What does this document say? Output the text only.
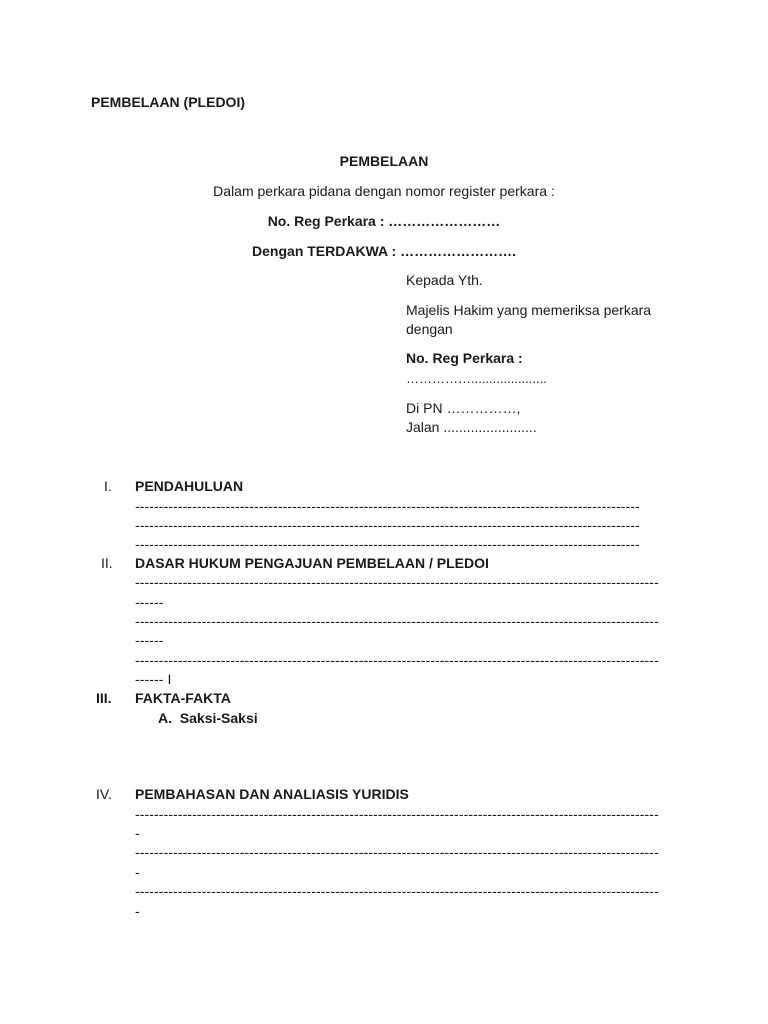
PEMBELAAN (PLEDOI)
PEMBELAAN
Dalam perkara pidana dengan nomor register perkara :
No. Reg Perkara : ……………………
Dengan TERDAKWA : …………………….
Kepada Yth.
Majelis Hakim yang memeriksa perkara
dengan
No. Reg Perkara :
…………….....................
Di PN ……………,
Jalan ........................
I. PENDAHULUAN
----------------------------------------------------------------------------------------------------------
----------------------------------------------------------------------------------------------------------
----------------------------------------------------------------------------------------------------------
II. DASAR HUKUM PENGAJUAN PEMBELAAN / PLEDOI
--------------------------------------------------------------------------------------------------------------
------
--------------------------------------------------------------------------------------------------------------
------
--------------------------------------------------------------------------------------------------------------
------ I
III. FAKTA-FAKTA
A.  Saksi-Saksi
IV. PEMBAHASAN DAN ANALIASIS YURIDIS
--------------------------------------------------------------------------------------------------------------
-
--------------------------------------------------------------------------------------------------------------
-
--------------------------------------------------------------------------------------------------------------
-
